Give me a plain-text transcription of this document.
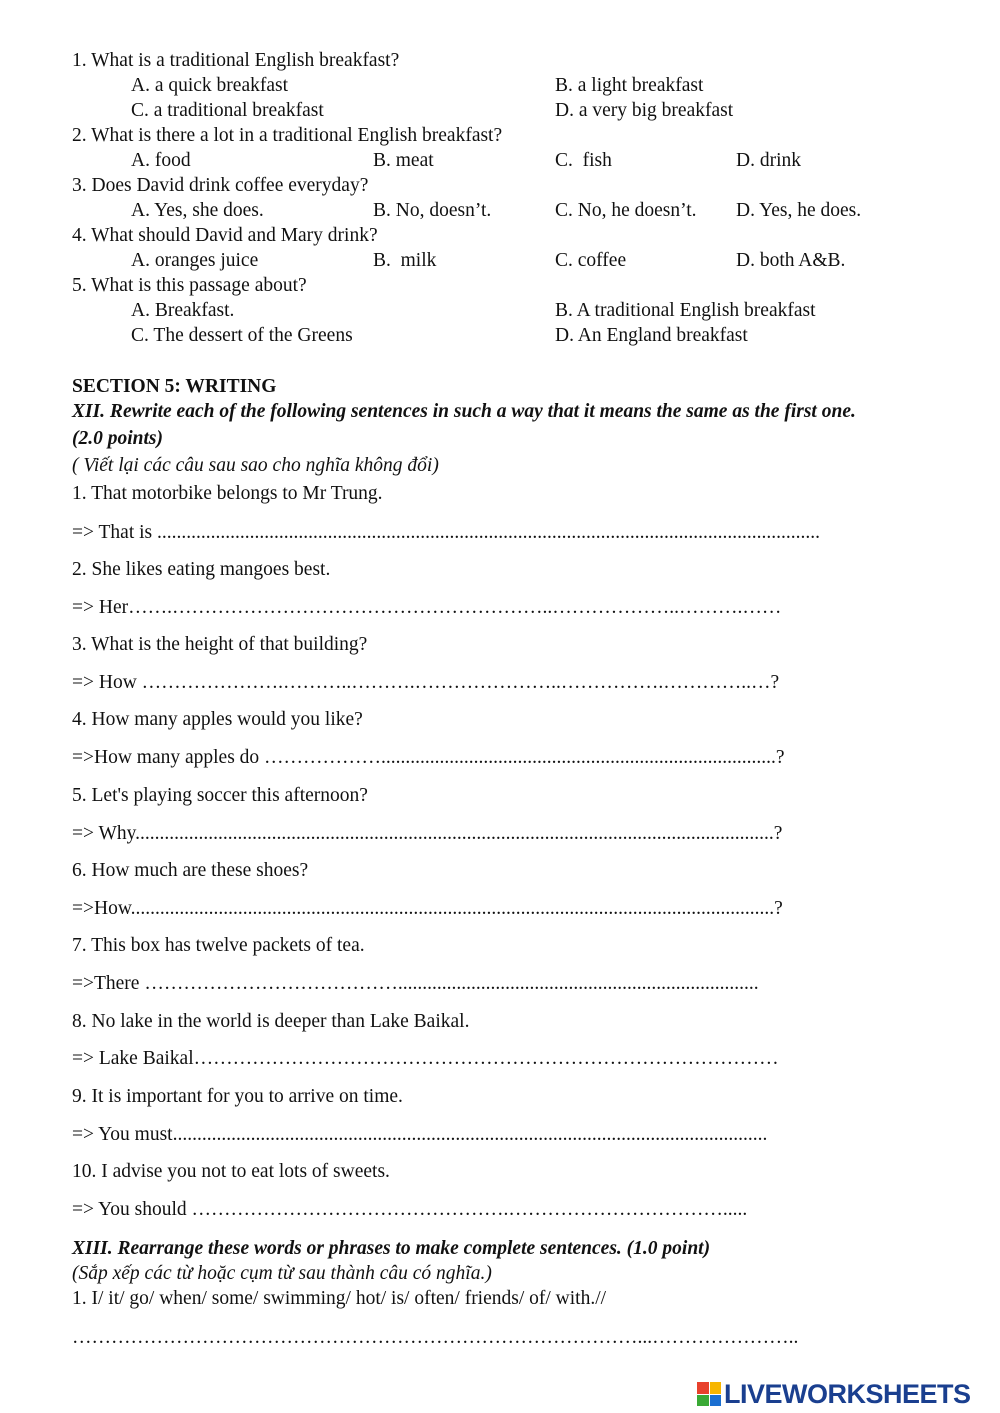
1. What is a traditional English breakfast?
A. a quick breakfast	B. a light breakfast
C. a traditional breakfast	D. a very big breakfast
2. What is there a lot in a traditional English breakfast?
A. food	B. meat	C.  fish	D. drink
3. Does David drink coffee everyday?
A. Yes, she does.	B. No, doesn’t.	C. No, he doesn’t. D. Yes, he does.
4. What should David and Mary drink?
A. oranges juice	B.  milk	C. coffee	D. both A&B.
5. What is this passage about?
A. Breakfast.	B. A traditional English breakfast
C. The dessert of the Greens	D. An England breakfast
SECTION 5: WRITING
XII. Rewrite each of the following sentences in such a way that it means the same as the first one.
(2.0 points)
( Viết lại các câu sau sao cho nghĩa không đổi)
1. That motorbike belongs to Mr Trung.
=> That is ........................................................................................................................................
2. She likes eating mangoes best.
=> Her…….…………………………………………………..………………..……….……
3. What is the height of that building?
=> How ………………….………..……….…………………..…………….…………..…?
4. How many apples would you like?
=>How many apples do ……………….................................................................................?
5. Let's playing soccer this afternoon?
=> Why...................................................................................................................................?
6. How much are these shoes?
=>How....................................................................................................................................?
7. This box has twelve packets of tea.
=>There …………………………………..........................................................................
8. No lake in the world is deeper than Lake Baikal.
=> Lake Baikal………………………………………………………………………………
9. It is important for you to arrive on time.
=> You must..........................................................................................................................
10. I advise you not to eat lots of sweets.
=> You should ………………………………………….…………………………….....
XIII. Rearrange these words or phrases to make complete sentences. (1.0 point)
(Sắp xếp các từ hoặc cụm từ sau thành câu có nghĩa.)
1. I/ it/ go/ when/ some/ swimming/ hot/ is/ often/ friends/ of/ with.//
……………………………………………………………………………...…………………..
LIVEWORKSHEETS
